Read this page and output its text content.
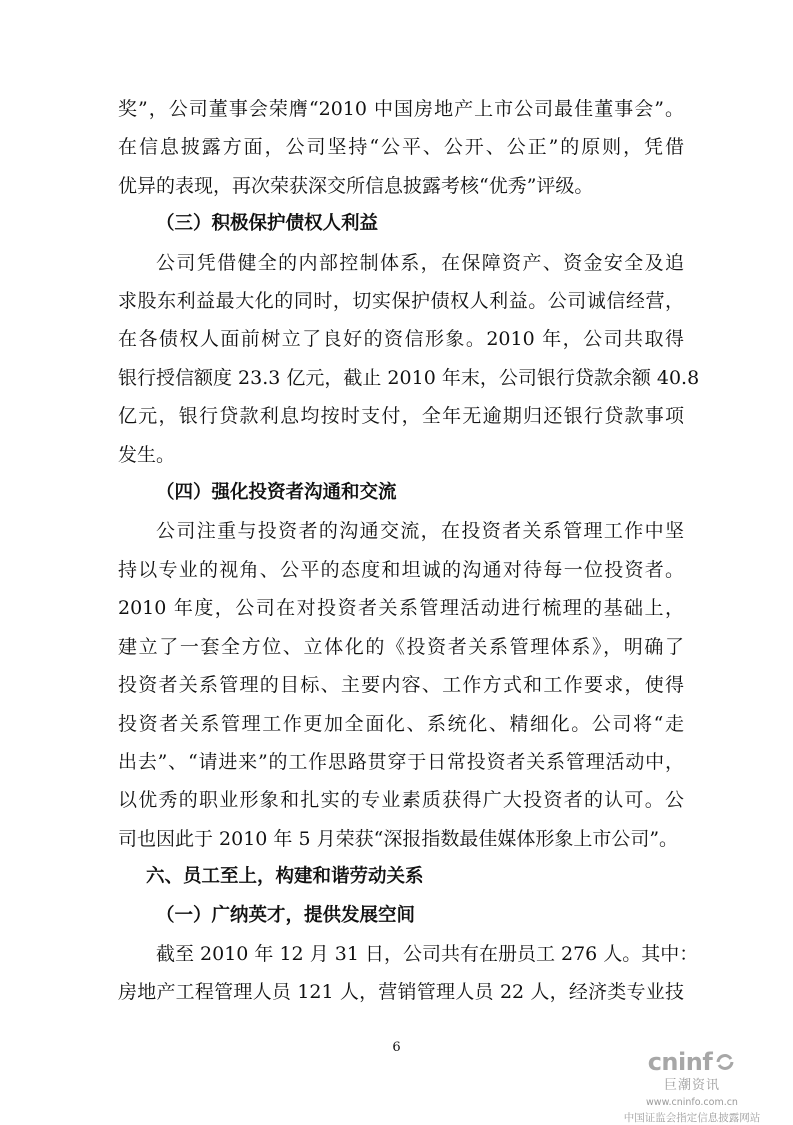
奖”，公司董事会荣膺“2010 中国房地产上市公司最佳董事会”。
在信息披露方面，公司坚持“公平、公开、公正”的原则，凭借
优异的表现，再次荣获深交所信息披露考核“优秀”评级。

（三）积极保护债权人利益

公司凭借健全的内部控制体系，在保障资产、资金安全及追
求股东利益最大化的同时，切实保护债权人利益。公司诚信经营，
在各债权人面前树立了良好的资信形象。2010 年，公司共取得
银行授信额度 23.3 亿元，截止 2010 年末，公司银行贷款余额 40.8
亿元，银行贷款利息均按时支付，全年无逾期归还银行贷款事项
发生。

（四）强化投资者沟通和交流

公司注重与投资者的沟通交流，在投资者关系管理工作中坚
持以专业的视角、公平的态度和坦诚的沟通对待每一位投资者。
2010 年度，公司在对投资者关系管理活动进行梳理的基础上，
建立了一套全方位、立体化的《投资者关系管理体系》，明确了
投资者关系管理的目标、主要内容、工作方式和工作要求，使得
投资者关系管理工作更加全面化、系统化、精细化。公司将“走
出去”、“请进来”的工作思路贯穿于日常投资者关系管理活动中，
以优秀的职业形象和扎实的专业素质获得广大投资者的认可。公
司也因此于 2010 年 5 月荣获“深报指数最佳媒体形象上市公司”。

六、员工至上，构建和谐劳动关系
（一）广纳英才，提供发展空间

截至 2010 年 12 月 31 日，公司共有在册员工 276 人。其中：
房地产工程管理人员 121 人，营销管理人员 22 人，经济类专业技

6
cninf
巨潮资讯
www.cninfo.com.cn
中国证监会指定信息披露网站
